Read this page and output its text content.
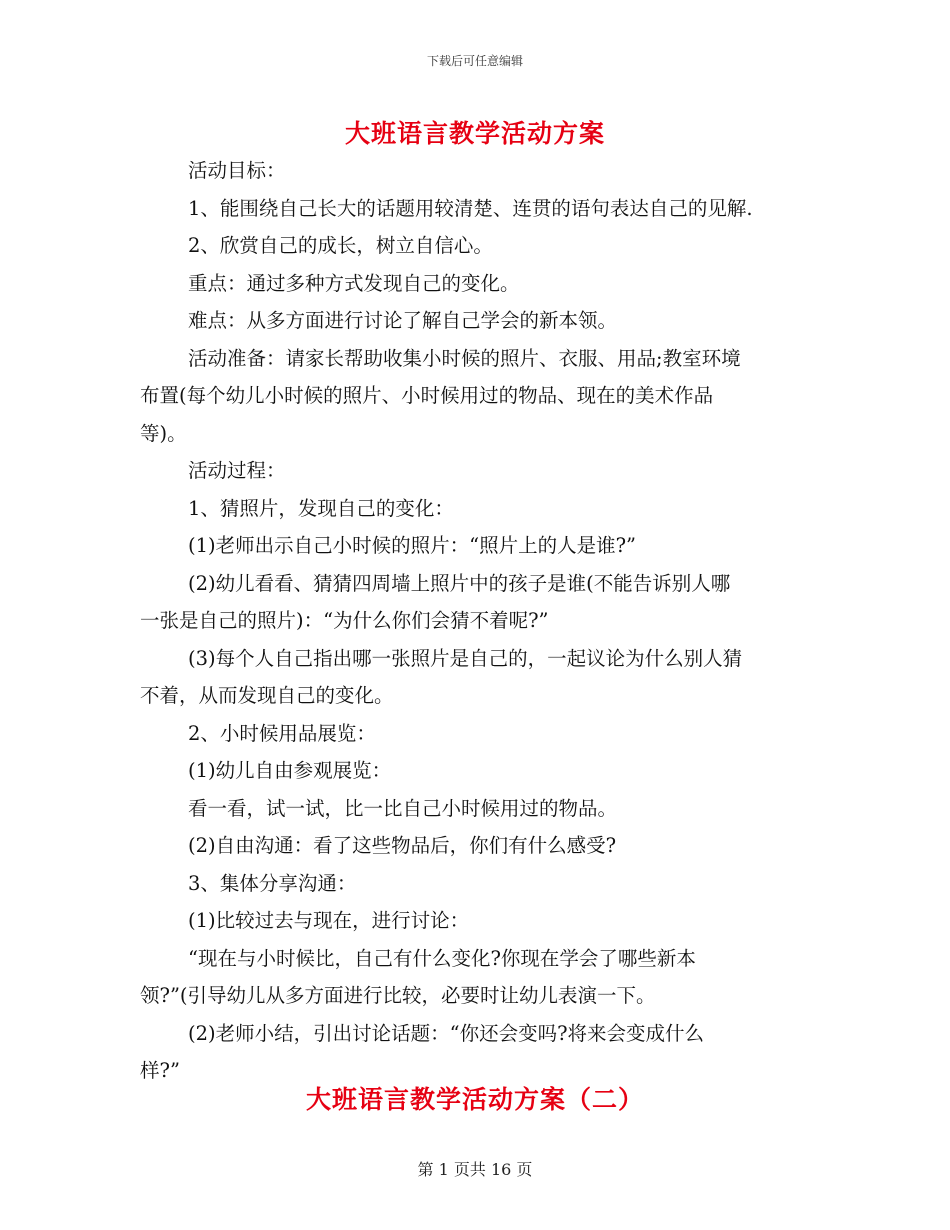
下载后可任意编辑
大班语言教学活动方案

活动目标：

1、能围绕自己长大的话题用较清楚、连贯的语句表达自己的见解.

2、欣赏自己的成长，树立自信心。

重点：通过多种方式发现自己的变化。

难点：从多方面进行讨论了解自己学会的新本领。

活动准备：请家长帮助收集小时候的照片、衣服、用品;教室环境

布置(每个幼儿小时候的照片、小时候用过的物品、现在的美术作品

等)。

活动过程：

1、猜照片，发现自己的变化：

(1)老师出示自己小时候的照片：“照片上的人是谁?”

(2)幼儿看看、猜猜四周墙上照片中的孩子是谁(不能告诉别人哪

一张是自己的照片)：“为什么你们会猜不着呢?”

(3)每个人自己指出哪一张照片是自己的，一起议论为什么别人猜

不着，从而发现自己的变化。

2、小时候用品展览：

(1)幼儿自由参观展览：

看一看，试一试，比一比自己小时候用过的物品。

(2)自由沟通：看了这些物品后，你们有什么感受?

3、集体分享沟通：

(1)比较过去与现在，进行讨论：

“现在与小时候比，自己有什么变化?你现在学会了哪些新本

领?”(引导幼儿从多方面进行比较，必要时让幼儿表演一下。

(2)老师小结，引出讨论话题：“你还会变吗?将来会变成什么

样?”

大班语言教学活动方案（二）
第 1 页共 16 页
